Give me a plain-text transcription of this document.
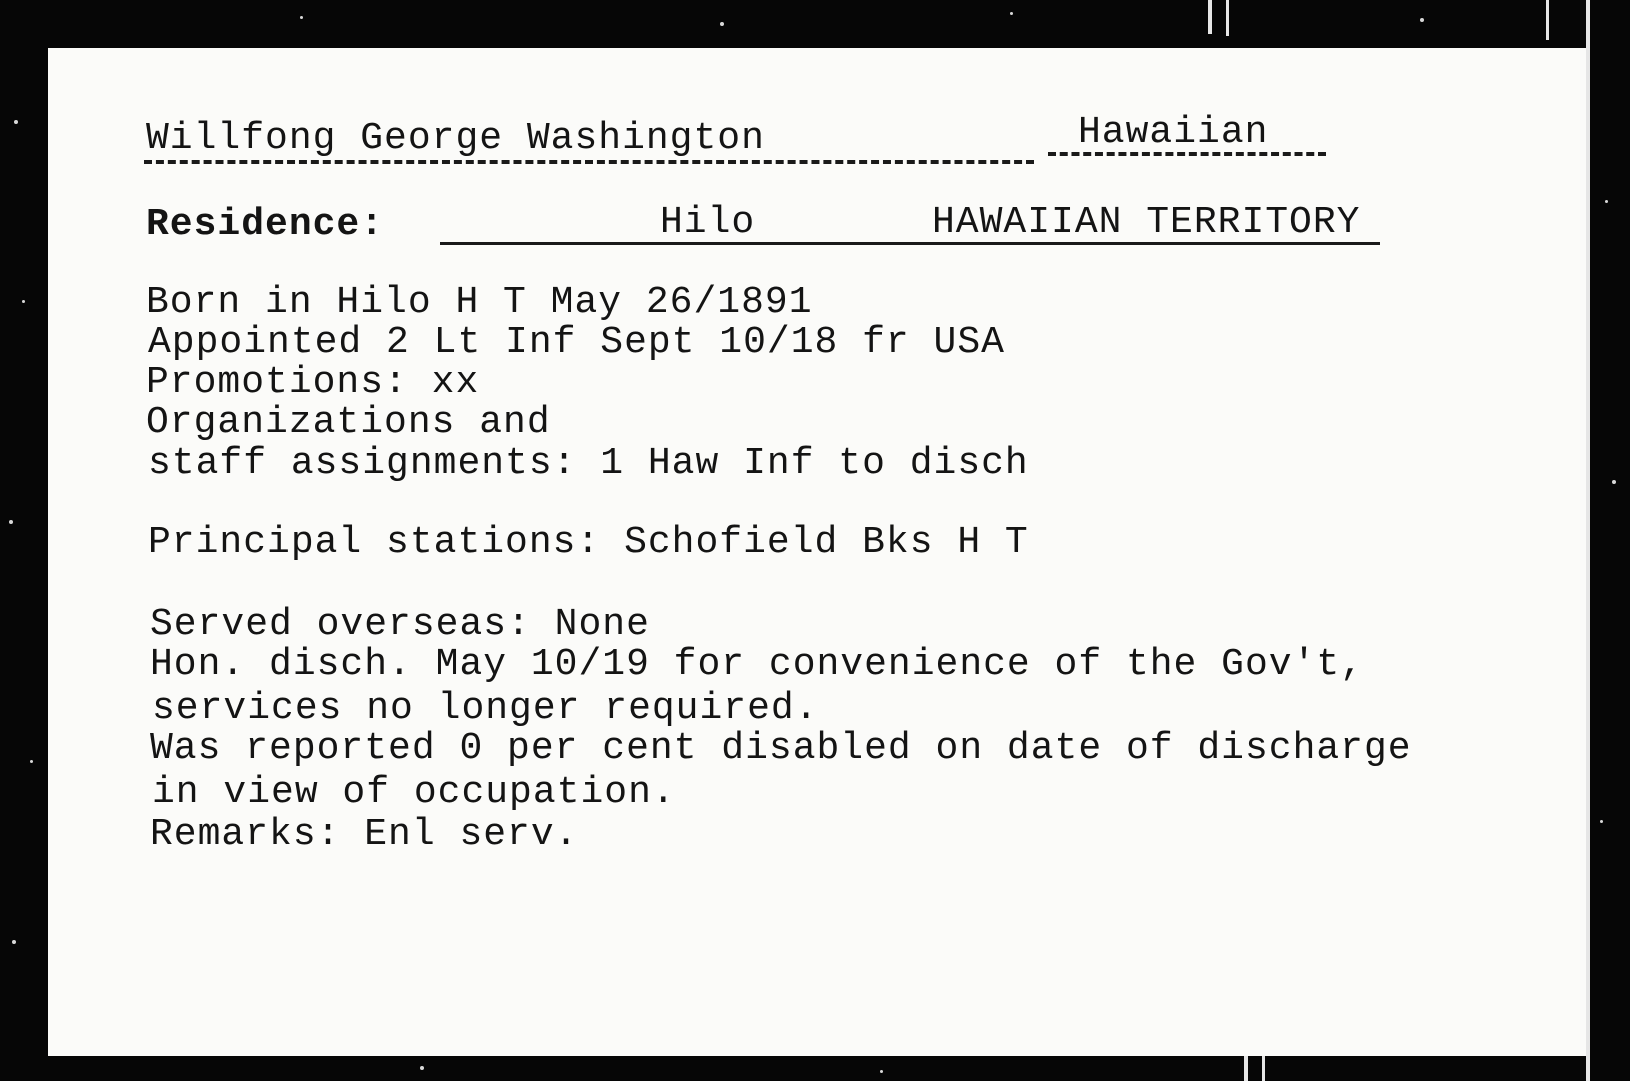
Willfong George Washington	Hawaiian
Residence:	Hilo	HAWAIIAN TERRITORY
Born in Hilo H T May 26/1891
Appointed 2 Lt Inf Sept 10/18 fr USA
Promotions: xx
Organizations and
staff assignments: 1 Haw Inf to disch
Principal stations: Schofield Bks H T
Served overseas: None
Hon. disch. May 10/19 for convenience of the Gov't,
services no longer required.
Was reported 0 per cent disabled on date of discharge
in view of occupation.
Remarks: Enl serv.
